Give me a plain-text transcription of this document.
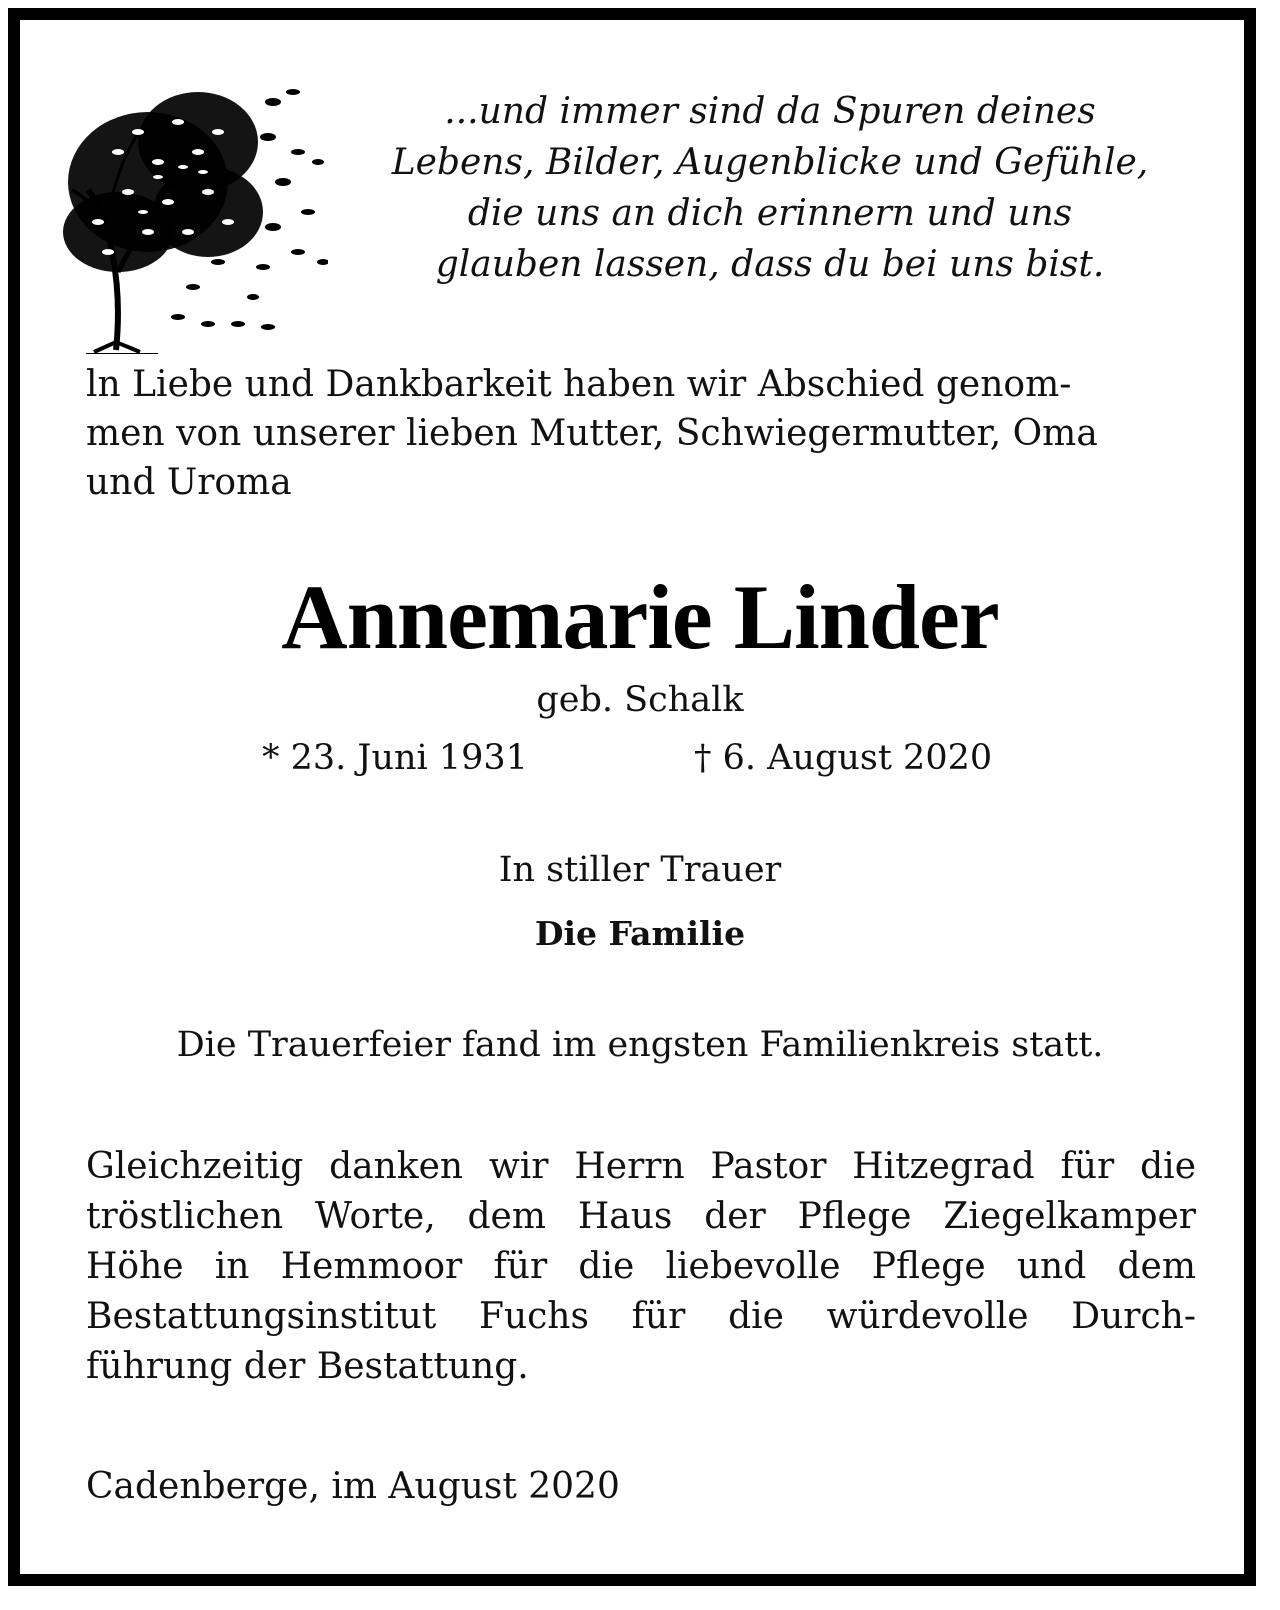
...und immer sind da Spuren deines
Lebens, Bilder, Augenblicke und Gefühle,
die uns an dich erinnern und uns
glauben lassen, dass du bei uns bist.
ln Liebe und Dankbarkeit haben wir Abschied genom-
men von unserer lieben Mutter, Schwiegermutter, Oma
und Uroma
Annemarie Linder
geb. Schalk
* 23. Juni 1931	† 6. August 2020
In stiller Trauer
Die Familie
Die Trauerfeier fand im engsten Familienkreis statt.
Gleichzeitig danken wir Herrn Pastor Hitzegrad für die
tröstlichen Worte, dem Haus der Pflege Ziegelkamper
Höhe in Hemmoor für die liebevolle Pflege und dem
Bestattungsinstitut Fuchs für die würdevolle Durch-
führung der Bestattung.
Cadenberge, im August 2020
